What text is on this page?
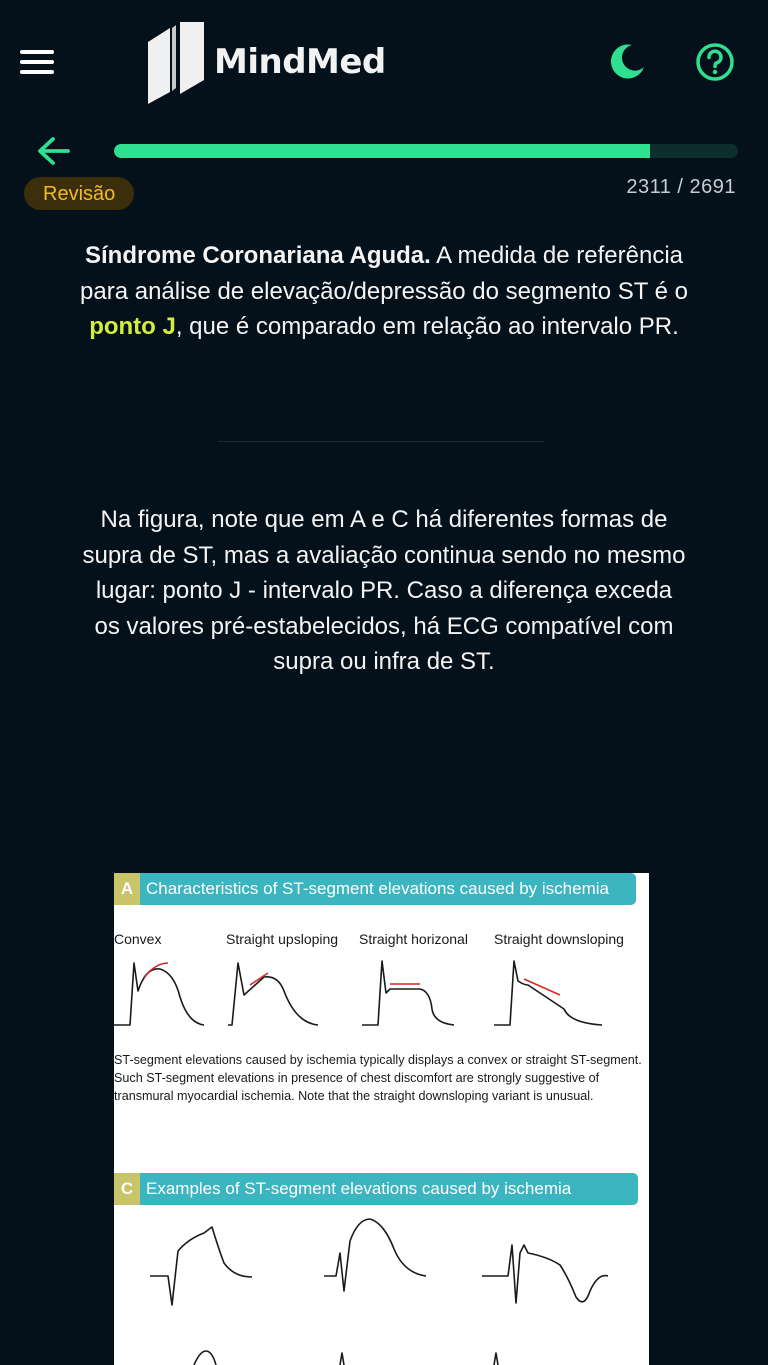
MindMed
Revisão	2311 / 2691
Síndrome Coronariana Aguda. A medida de referência para análise de elevação/depressão do segmento ST é o ponto J, que é comparado em relação ao intervalo PR.
Na figura, note que em A e C há diferentes formas de supra de ST, mas a avaliação continua sendo no mesmo lugar: ponto J - intervalo PR. Caso a diferença exceda os valores pré-estabelecidos, há ECG compatível com supra ou infra de ST.
A Characteristics of ST-segment elevations caused by ischemia
Convex	Straight upsloping Straight horizonal Straight downsloping
ST-segment elevations caused by ischemia typically displays a convex or straight ST-segment. Such ST-segment elevations in presence of chest discomfort are strongly suggestive of transmural myocardial ischemia. Note that the straight downsloping variant is unusual.
C Examples of ST-segment elevations caused by ischemia
